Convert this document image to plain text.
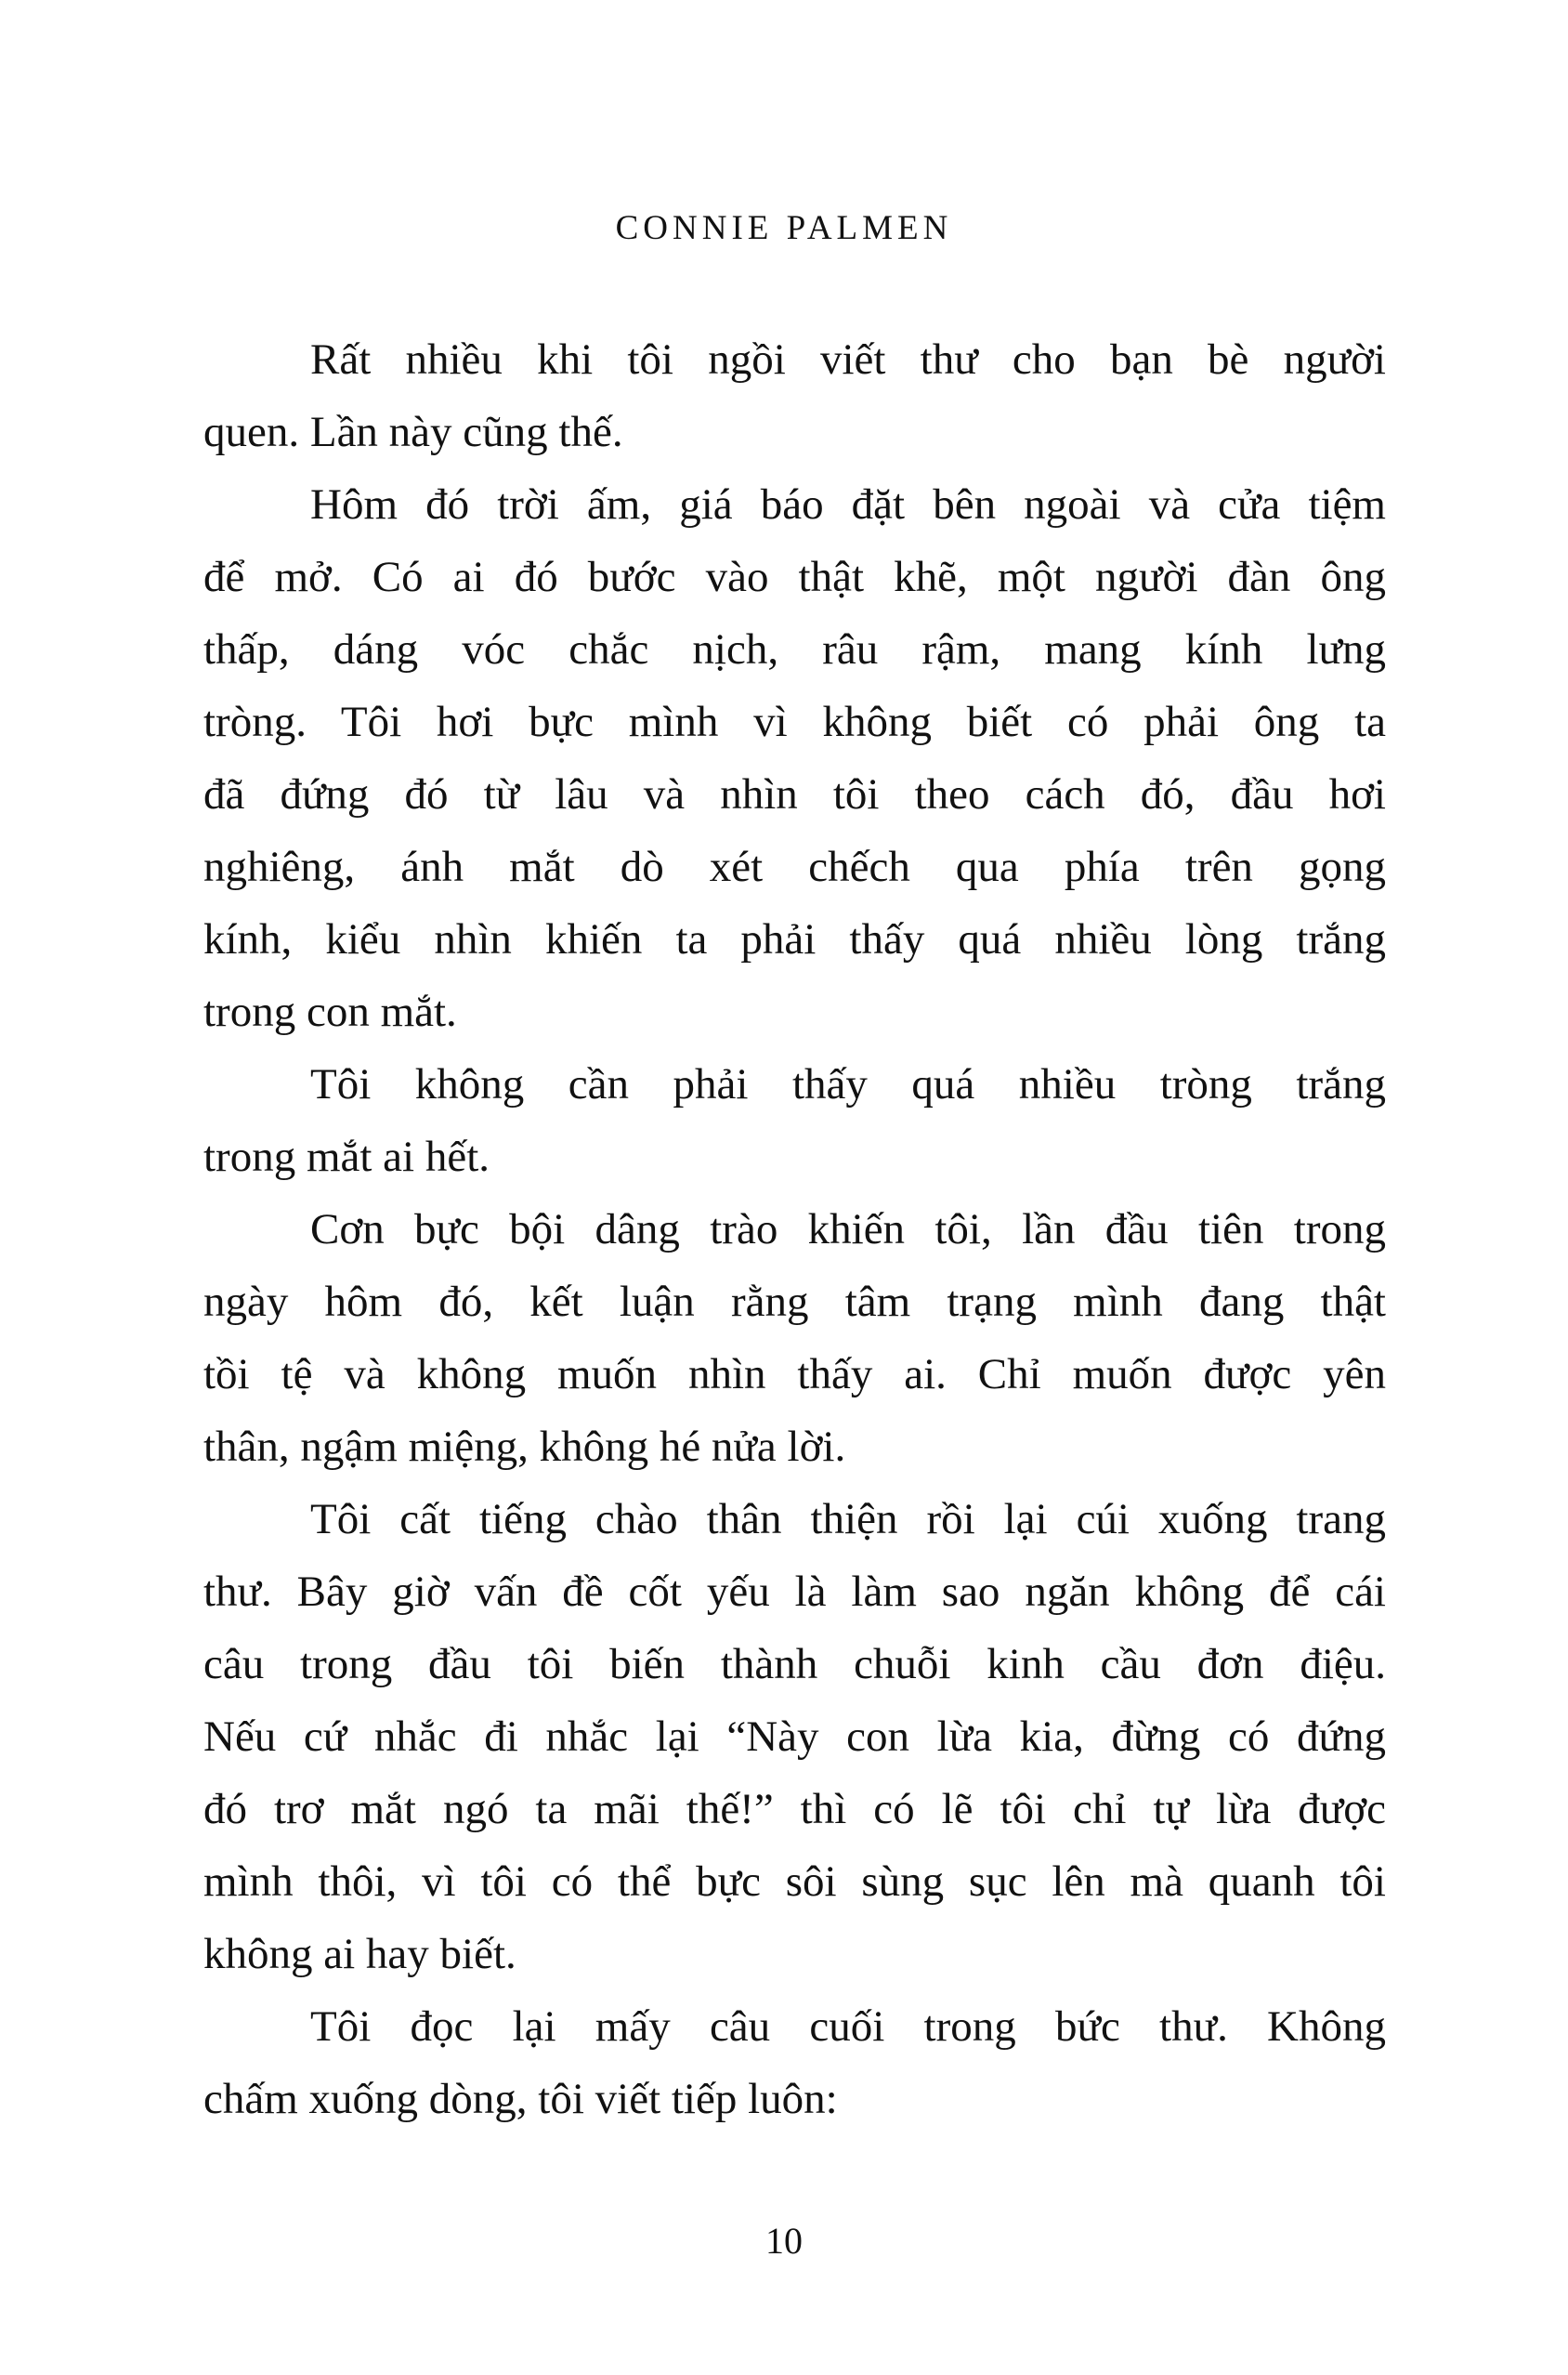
CONNIE PALMEN
Rất nhiều khi tôi ngồi viết thư cho bạn bè người
quen. Lần này cũng thế.
Hôm đó trời ấm, giá báo đặt bên ngoài và cửa tiệm
để mở. Có ai đó bước vào thật khẽ, một người đàn ông
thấp, dáng vóc chắc nịch, râu rậm, mang kính lưng
tròng. Tôi hơi bực mình vì không biết có phải ông ta
đã đứng đó từ lâu và nhìn tôi theo cách đó, đầu hơi
nghiêng, ánh mắt dò xét chếch qua phía trên gọng
kính, kiểu nhìn khiến ta phải thấy quá nhiều lòng trắng
trong con mắt.
Tôi không cần phải thấy quá nhiều tròng trắng
trong mắt ai hết.
Cơn bực bội dâng trào khiến tôi, lần đầu tiên trong
ngày hôm đó, kết luận rằng tâm trạng mình đang thật
tồi tệ và không muốn nhìn thấy ai. Chỉ muốn được yên
thân, ngậm miệng, không hé nửa lời.
Tôi cất tiếng chào thân thiện rồi lại cúi xuống trang
thư. Bây giờ vấn đề cốt yếu là làm sao ngăn không để cái
câu trong đầu tôi biến thành chuỗi kinh cầu đơn điệu.
Nếu cứ nhắc đi nhắc lại “Này con lừa kia, đừng có đứng
đó trơ mắt ngó ta mãi thế!” thì có lẽ tôi chỉ tự lừa được
mình thôi, vì tôi có thể bực sôi sùng sục lên mà quanh tôi
không ai hay biết.
Tôi đọc lại mấy câu cuối trong bức thư. Không
chấm xuống dòng, tôi viết tiếp luôn:
10
